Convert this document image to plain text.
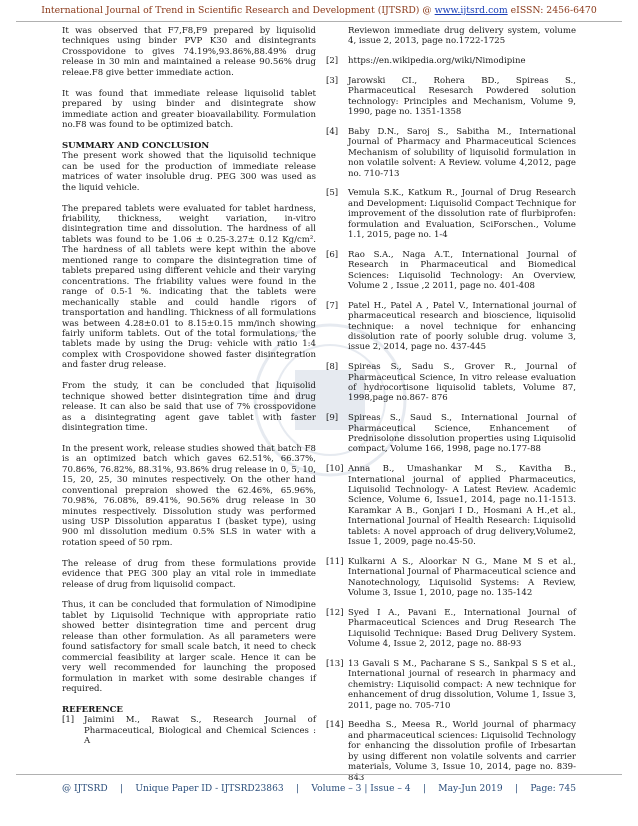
International Journal of Trend in Scientific Research and Development (IJTSRD) @ www.ijtsrd.com eISSN: 2456-6470

It was observed that F7,F8,F9 prepared by liquisolid techniques using binder PVP K30 and disintegrants Crosspovidone to gives 74.19%,93.86%,88.49% drug release in 30 min and maintained a release 90.56% drug releae.F8 give better immediate action.

It was found that immediate release liquisolid tablet prepared by using binder and disintegrate show immediate action and greater bioavailability. Formulation no.F8 was found to be optimized batch.

SUMMARY AND CONCLUSION

The present work showed that the liquisolid technique can be used for the production of immediate release matrices of water insoluble drug. PEG 300 was used as the liquid vehicle.

The prepared tablets were evaluated for tablet hardness, friability, thickness, weight variation, in-vitro disintegration time and dissolution. The hardness of all tablets was found to be 1.06 ± 0.25-3.27± 0.12 Kg/cm². The hardness of all tablets were kept within the above mentioned range to compare the disintegration time of tablets prepared using different vehicle and their varying concentrations. The friability values were found in the range of 0.5-1 %. indicating that the tablets were mechanically stable and could handle rigors of transportation and handling. Thickness of all formulations was between 4.28±0.01 to 8.15±0.15 mm/inch showing fairly uniform tablets. Out of the total formulations, the tablets made by using the Drug: vehicle with ratio 1:4 complex with Crospovidone showed faster disintegration and faster drug release.

From the study, it can be concluded that liquisolid technique showed better disintegration time and drug release. It can also be said that use of 7% crosspovidone as a disintegrating agent gave tablet with faster disintegration time.

In the present work, release studies showed that batch F8 is an optimized batch which gaves 62.51%, 66.37%, 70.86%, 76.82%, 88.31%, 93.86% drug release in 0, 5, 10, 15, 20, 25, 30 minutes respectively. On the other hand conventional prepraion showed the 62.46%, 65.96%, 70.98%, 76.08%, 89.41%, 90.56% drug release in 30 minutes respectively. Dissolution study was performed using USP Dissolution apparatus I (basket type), using 900 ml dissolution medium 0.5% SLS in water with a rotation speed of 50 rpm.

The release of drug from these formulations provide evidence that PEG 300 play an vital role in immediate release of drug from liquisolid compact.

Thus, it can be concluded that formulation of Nimodipine tablet by Liquisolid Technique with appropriate ratio showed better disintegration time and percent drug release than other formulation. As all parameters were found satisfactory for small scale batch, it need to check commercial feasibility at larger scale. Hence it can be very well recommended for launching the proposed formulation in market with some desirable changes if required.

REFERENCE
[1]	Jaimini M., Rawat S., Research Journal of Pharmaceutical, Biological and Chemical Sciences : A
Reviewon immediate drug delivery system, volume 4, issue 2, 2013, page no.1722-1725
[2]	https://en.wikipedia.org/wiki/Nimodipine
[3]	Jarowski CI., Rohera BD., Spireas S., Pharmaceutical Resesarch Powdered solution technology: Principles and Mechanism, Volume 9, 1990, page no. 1351-1358
[4]	Baby D.N., Saroj S., Sabitha M., International Journal of Pharmacy and Pharmaceutical Sciences Mechanism of solubility of liquisolid formulation in non volatile solvent: A Review. volume 4,2012, page no. 710-713
[5]	Vemula S.K., Katkum R., Journal of Drug Research and Development: Liquisolid Compact Technique for improvement of the dissolution rate of flurbiprofen: formulation and Evaluation, SciForschen., Volume 1.1, 2015, page no. 1-4
[6]	Rao S.A., Naga A.T., International Journal of Research in Pharmaceutical and Biomedical Sciences: Liquisolid Technology: An Overview, Volume 2 , Issue ,2 2011, page no. 401-408
[7]	Patel H., Patel A , Patel V., International journal of pharmaceutical research and bioscience, liquisolid technique: a novel technique for enhancing dissolution rate of poorly soluble drug. volume 3, issue 2, 2014, page no. 437-445
[8]	Spireas S., Sadu S., Grover R., Journal of Pharmaceutical Science, In vitro release evaluation of hydrocortisone liquisolid tablets, Volume 87, 1998,page no.867- 876
[9]	Spireas S., Saud S., International Journal of Pharmaceutical Science, Enhancement of Prednisolone dissolution properties using Liquisolid compact, Volume 166, 1998, page no.177-88
[10] Anna B., Umashankar M S., Kavitha B., International journal of applied Pharmaceutics, Liquisolid Technology- A Latest Review. Academic Science, Volume 6, Issue1, 2014, page no.11-1513. Karamkar A B., Gonjari I D., Hosmani A H.,et al., International Journal of Health Research: Liquisolid tablets: A novel approach of drug delivery,Volume2, Issue 1, 2009, page no.45-50.
[11] Kulkarni A S., Aloorkar N G., Mane M S et al., International Journal of Pharmaceutical science and Nanotechnology, Liquisolid Systems: A Review, Volume 3, Issue 1, 2010, page no. 135-142
[12] Syed I A., Pavani E., International Journal of Pharmaceutical Sciences and Drug Research The Liquisolid Technique: Based Drug Delivery System. Volume 4, Issue 2, 2012, page no. 88-93
[13] 13 Gavali S M., Pacharane S S., Sankpal S S et al., International journal of research in pharmacy and chemistry: Liquisolid compact: A new technique for enhancement of drug dissolution, Volume 1, Issue 3, 2011, page no. 705-710
[14] Beedha S., Meesa R., World journal of pharmacy and pharmaceutical sciences: Liquisolid Technology for enhancing the dissolution profile of Irbesartan by using different non volatile solvents and carrier materials, Volume 3, Issue 10, 2014, page no. 839-843
@ IJTSRD | Unique Paper ID - IJTSRD23863 | Volume – 3 | Issue – 4 | May-Jun 2019 | Page: 745
